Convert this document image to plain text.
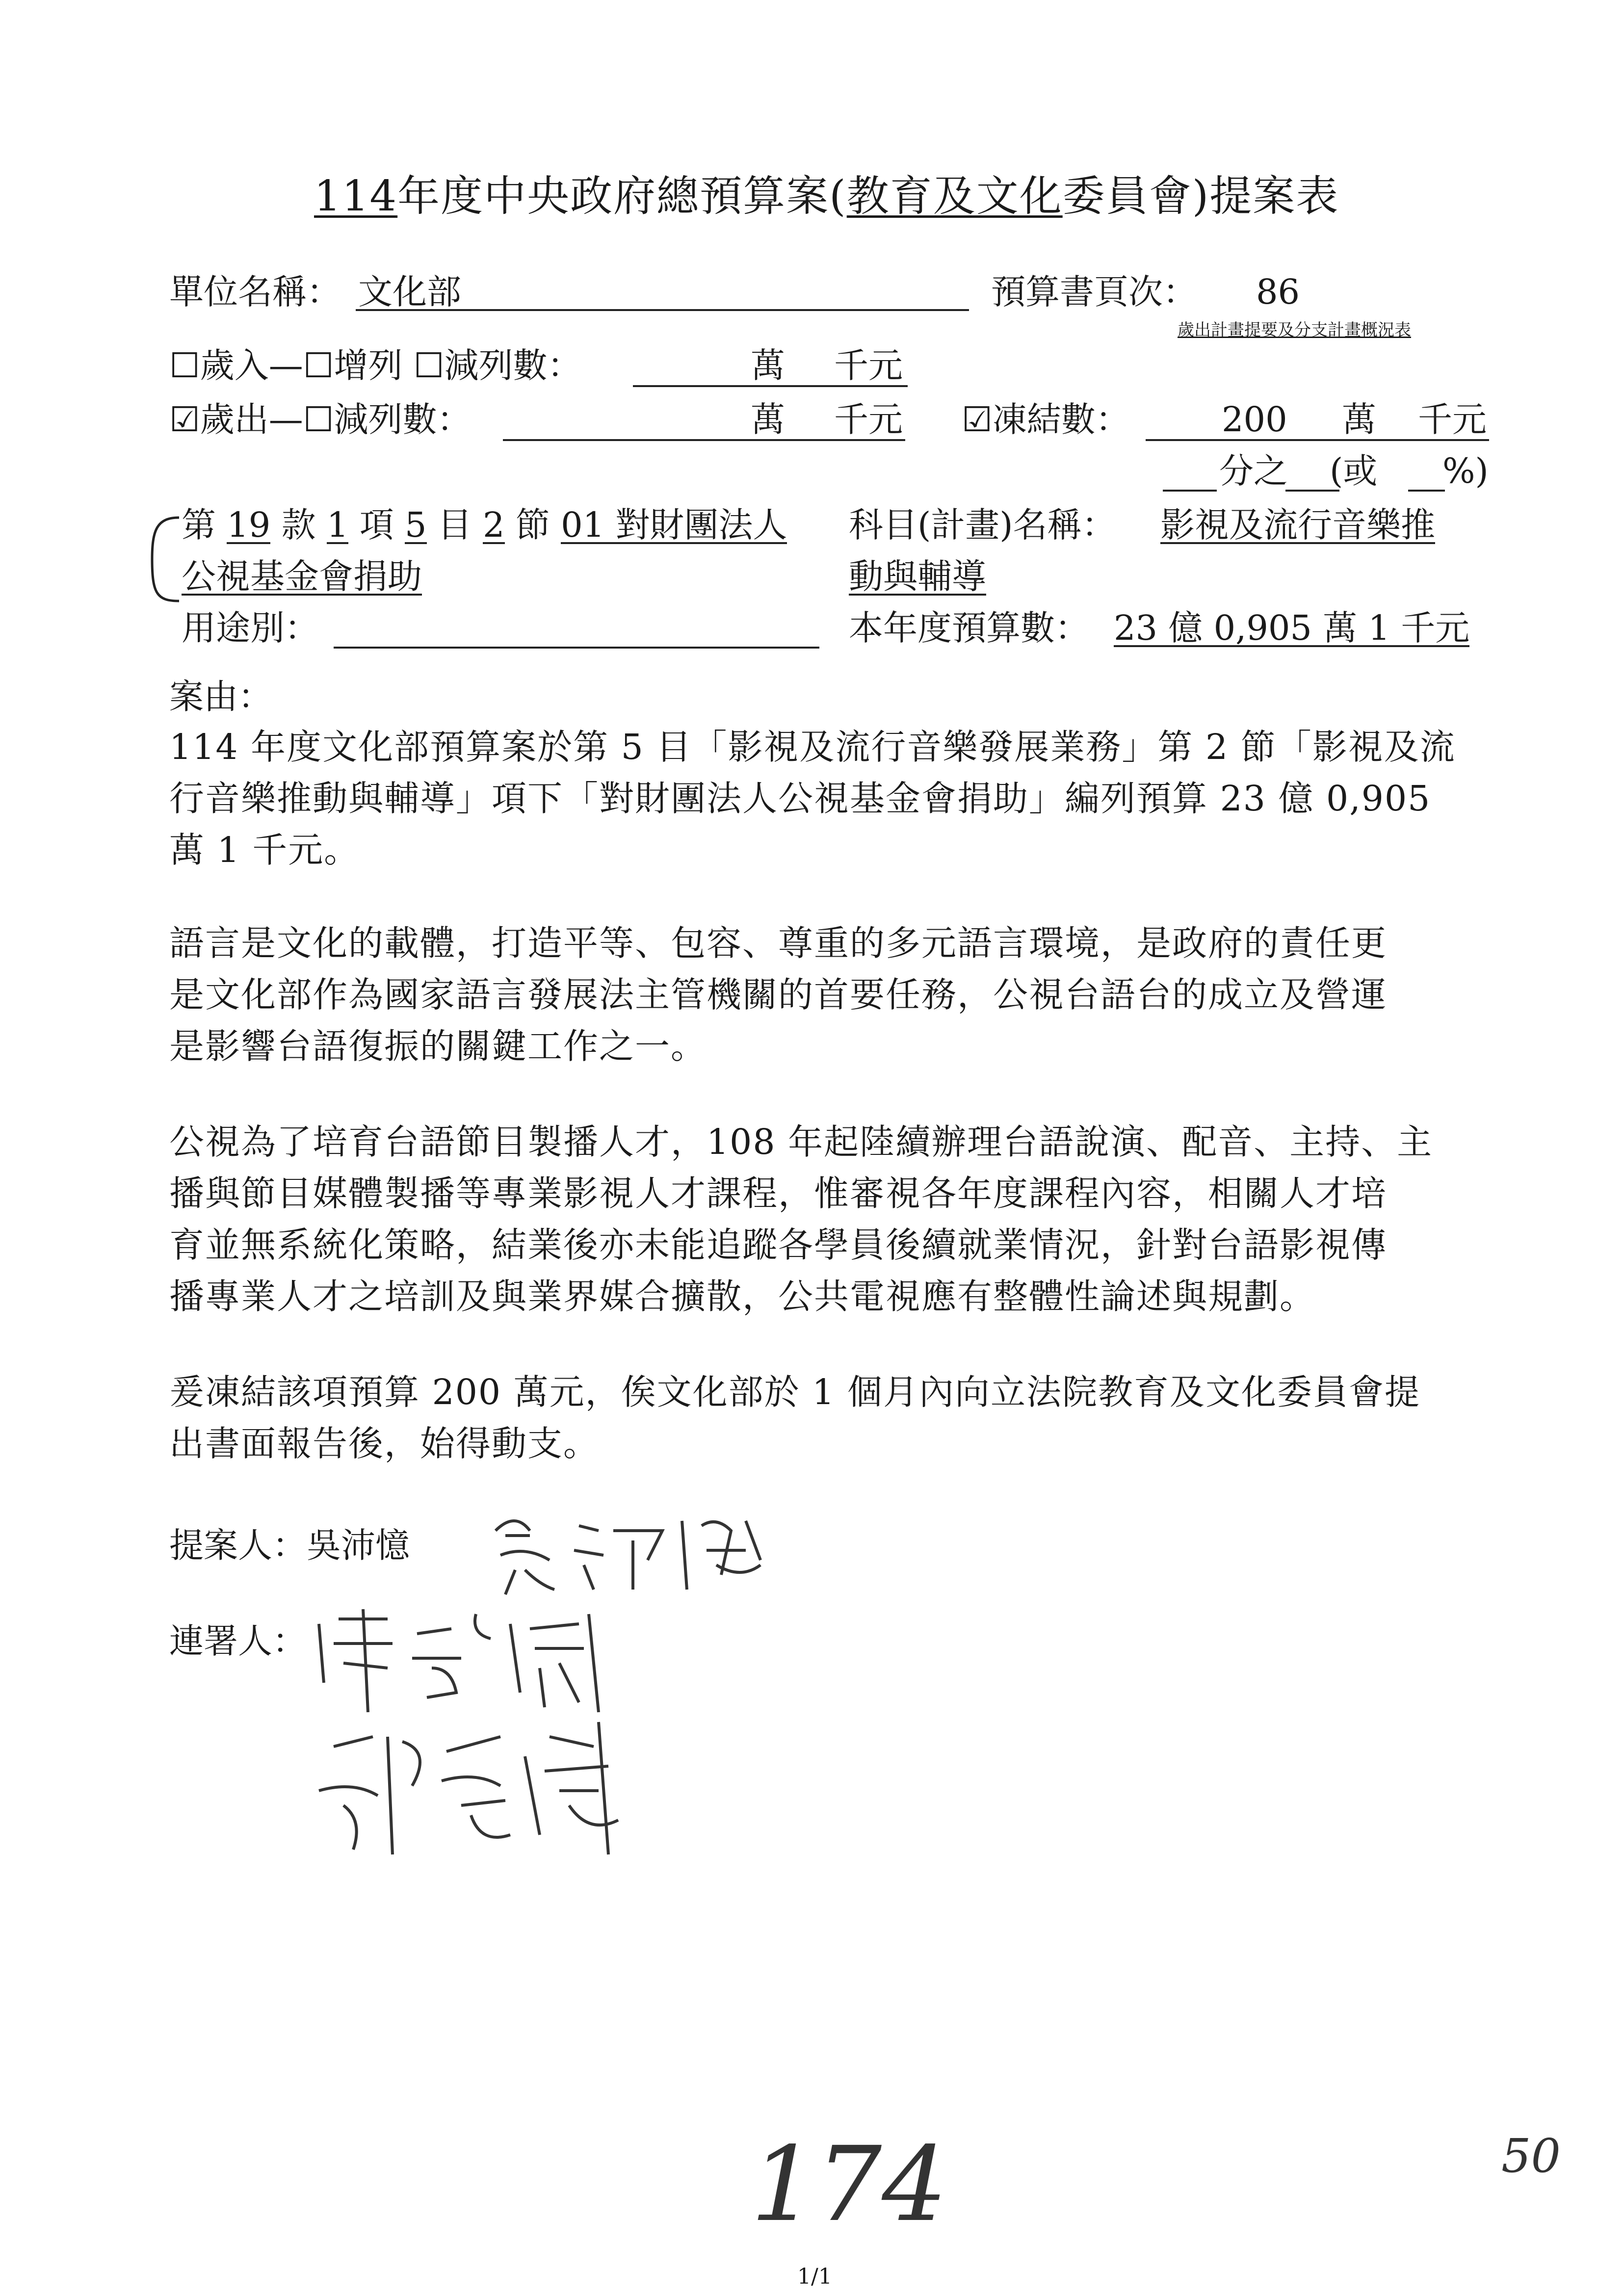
114年度中央政府總預算案(教育及文化委員會)提案表
單位名稱： 文化部	預算書頁次： 86
歲出計畫提要及分支計畫概況表
☐歲入—☐增列 ☐減列數：	萬 千元
☑歲出—☐減列數：	萬 千元 ☑凍結數：	200 萬 千元
分之 (或 %)
第 19 款 1 項 5 目 2 節 01 對財團法人
公視基金會捐助
科目(計畫)名稱： 影視及流行音樂推
動與輔導
用途別：	本年度預算數： 23 億 0,905 萬 1 千元
案由：
114 年度文化部預算案於第 5 目「影視及流行音樂發展業務」第 2 節「影視及流
行音樂推動與輔導」項下「對財團法人公視基金會捐助」編列預算 23 億 0,905
萬 1 千元。
語言是文化的載體，打造平等、包容、尊重的多元語言環境，是政府的責任更
是文化部作為國家語言發展法主管機關的首要任務，公視台語台的成立及營運
是影響台語復振的關鍵工作之一。
公視為了培育台語節目製播人才，108 年起陸續辦理台語說演、配音、主持、主
播與節目媒體製播等專業影視人才課程，惟審視各年度課程內容，相關人才培
育並無系統化策略，結業後亦未能追蹤各學員後續就業情況，針對台語影視傳
播專業人才之培訓及與業界媒合擴散，公共電視應有整體性論述與規劃。
爰凍結該項預算 200 萬元，俟文化部於 1 個月內向立法院教育及文化委員會提
出書面報告後，始得動支。
提案人：吳沛憶
連署人：
174	50
1/1
